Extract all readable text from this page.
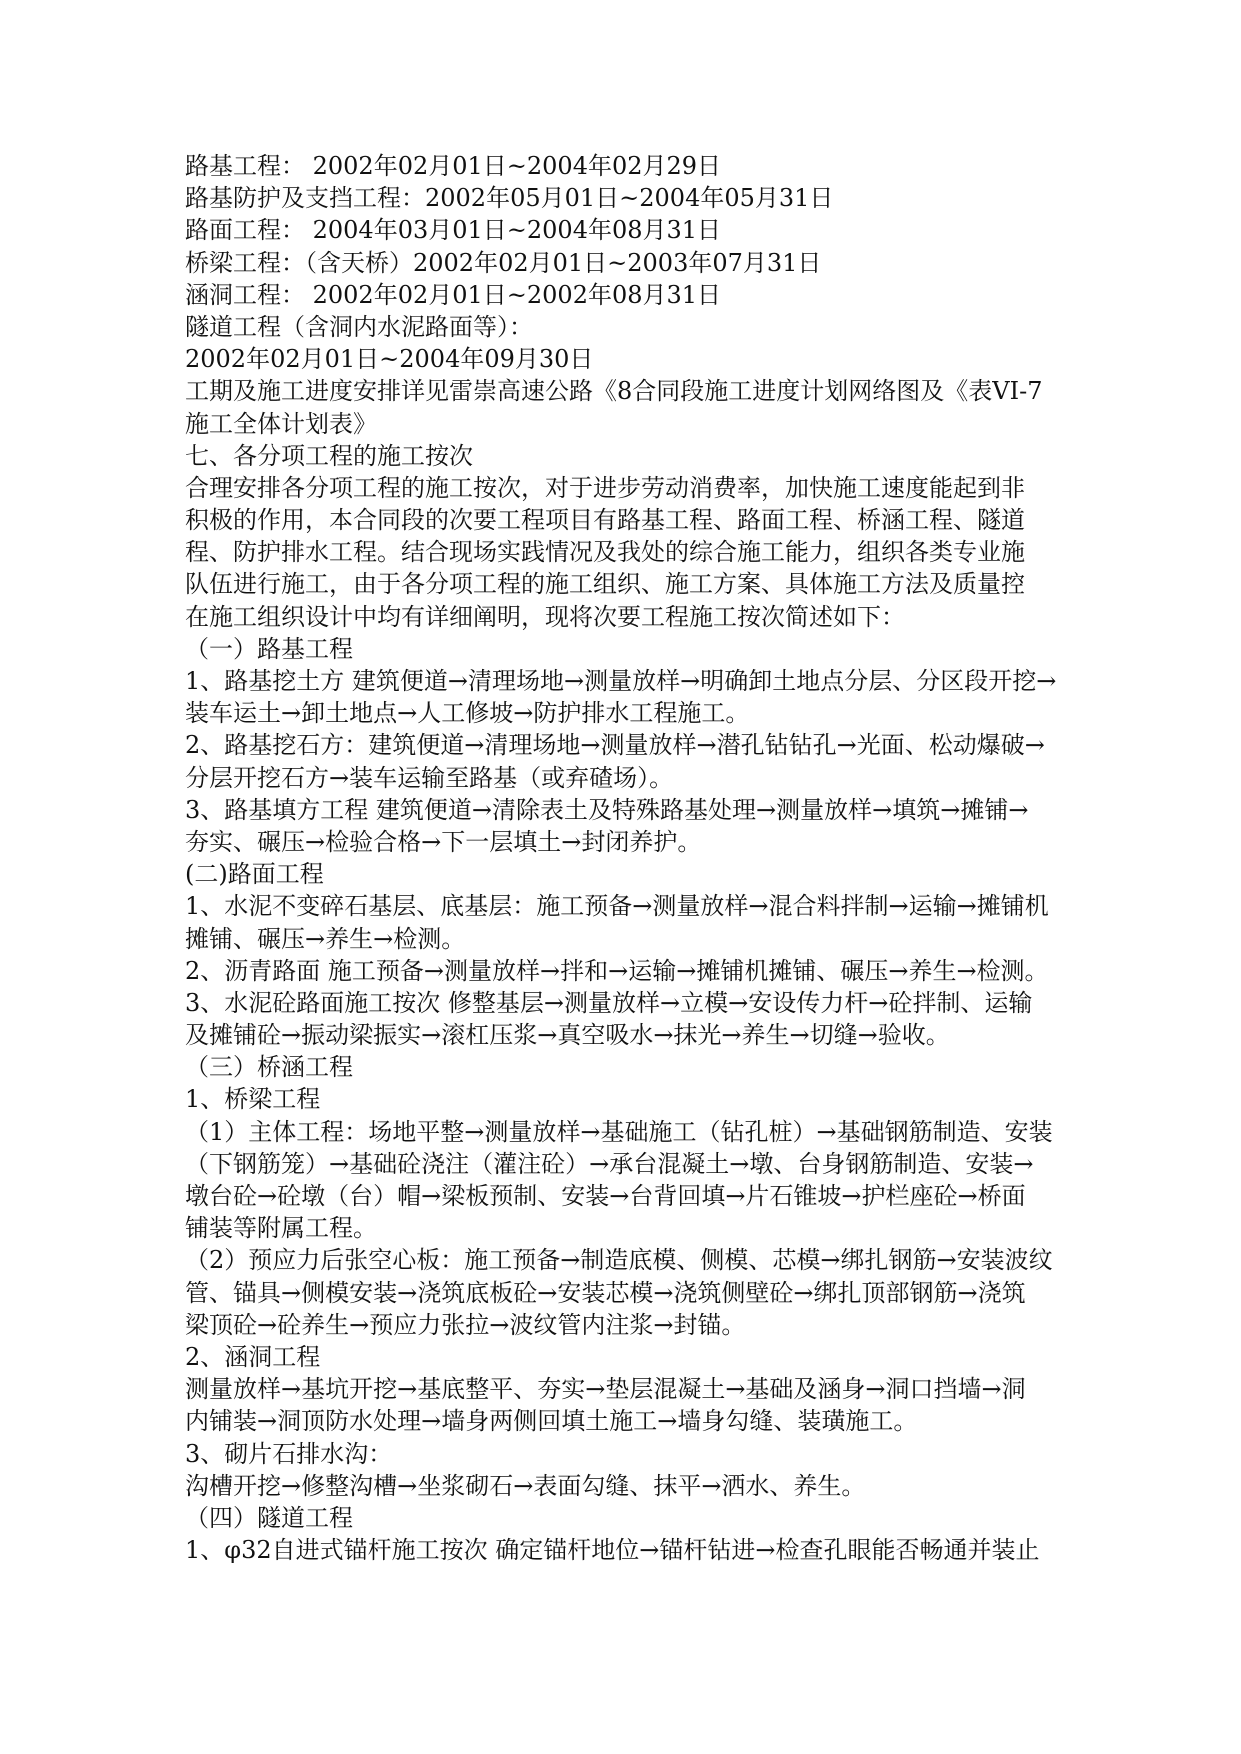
路基工程： 2002年02月01日~2004年02月29日
路基防护及支挡工程：2002年05月01日~2004年05月31日
路面工程： 2004年03月01日~2004年08月31日
桥梁工程：（含天桥）2002年02月01日~2003年07月31日
涵洞工程： 2002年02月01日~2002年08月31日
隧道工程（含洞内水泥路面等）：
2002年02月01日~2004年09月30日
工期及施工进度安排详见雷崇高速公路《8合同段施工进度计划网络图及《表VI-7
施工全体计划表》
七、各分项工程的施工按次
合理安排各分项工程的施工按次，对于进步劳动消费率，加快施工速度能起到非
积极的作用，本合同段的次要工程项目有路基工程、路面工程、桥涵工程、隧道
程、防护排水工程。结合现场实践情况及我处的综合施工能力，组织各类专业施
队伍进行施工，由于各分项工程的施工组织、施工方案、具体施工方法及质量控
在施工组织设计中均有详细阐明，现将次要工程施工按次简述如下：
（一）路基工程
1、路基挖土方 建筑便道→清理场地→测量放样→明确卸土地点分层、分区段开挖→
装车运土→卸土地点→人工修坡→防护排水工程施工。
2、路基挖石方：建筑便道→清理场地→测量放样→潜孔钻钻孔→光面、松动爆破→
分层开挖石方→装车运输至路基（或弃碴场）。
3、路基填方工程 建筑便道→清除表土及特殊路基处理→测量放样→填筑→摊铺→
夯实、碾压→检验合格→下一层填土→封闭养护。
(二)路面工程
1、水泥不变碎石基层、底基层：施工预备→测量放样→混合料拌制→运输→摊铺机
摊铺、碾压→养生→检测。
2、沥青路面 施工预备→测量放样→拌和→运输→摊铺机摊铺、碾压→养生→检测。
3、水泥砼路面施工按次 修整基层→测量放样→立模→安设传力杆→砼拌制、运输
及摊铺砼→振动梁振实→滚杠压浆→真空吸水→抹光→养生→切缝→验收。
（三）桥涵工程
1、桥梁工程
（1）主体工程：场地平整→测量放样→基础施工（钻孔桩）→基础钢筋制造、安装
（下钢筋笼）→基础砼浇注（灌注砼）→承台混凝土→墩、台身钢筋制造、安装→
墩台砼→砼墩（台）帽→梁板预制、安装→台背回填→片石锥坡→护栏座砼→桥面
铺装等附属工程。
（2）预应力后张空心板：施工预备→制造底模、侧模、芯模→绑扎钢筋→安装波纹
管、锚具→侧模安装→浇筑底板砼→安装芯模→浇筑侧壁砼→绑扎顶部钢筋→浇筑
梁顶砼→砼养生→预应力张拉→波纹管内注浆→封锚。
2、涵洞工程
测量放样→基坑开挖→基底整平、夯实→垫层混凝土→基础及涵身→洞口挡墙→洞
内铺装→洞顶防水处理→墙身两侧回填土施工→墙身勾缝、装璜施工。
3、砌片石排水沟：
沟槽开挖→修整沟槽→坐浆砌石→表面勾缝、抹平→洒水、养生。
（四）隧道工程
1、φ32自进式锚杆施工按次 确定锚杆地位→锚杆钻进→检查孔眼能否畅通并装止
